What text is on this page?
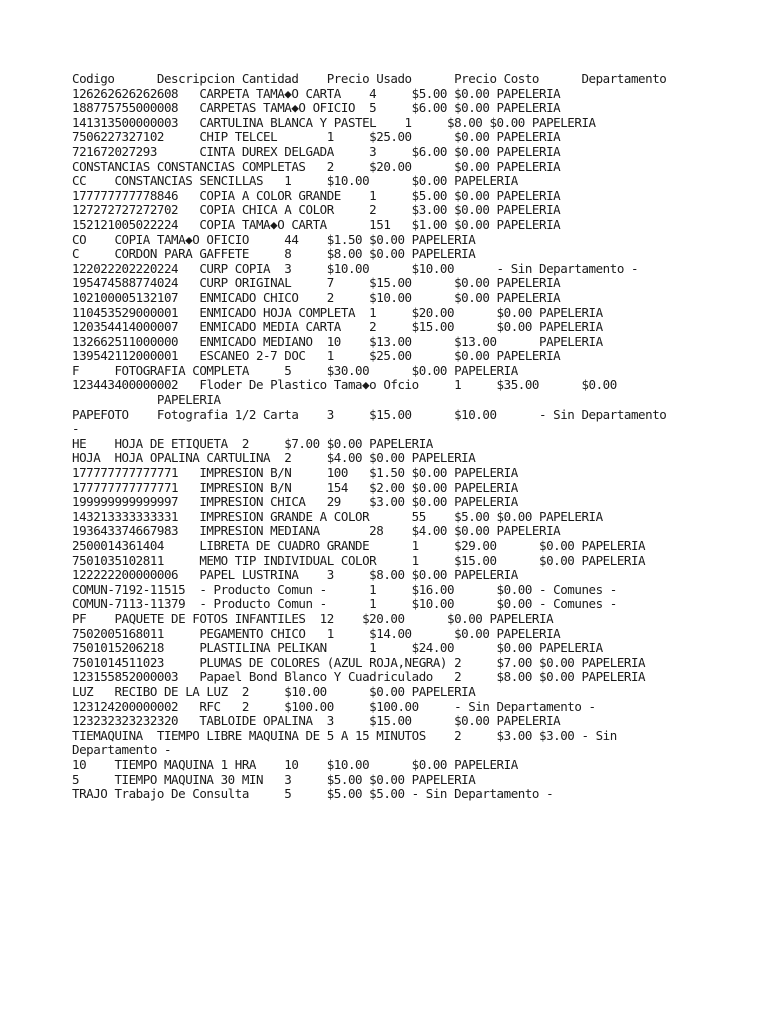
Codigo      Descripcion Cantidad    Precio Usado      Precio Costo      Departamento
126262626262608   CARPETA TAMA◆O CARTA    4     $5.00 $0.00 PAPELERIA
188775755000008   CARPETAS TAMA◆O OFICIO  5     $6.00 $0.00 PAPELERIA
141313500000003   CARTULINA BLANCA Y PASTEL    1     $8.00 $0.00 PAPELERIA
7506227327102     CHIP TELCEL       1     $25.00      $0.00 PAPELERIA
721672027293      CINTA DUREX DELGADA     3     $6.00 $0.00 PAPELERIA
CONSTANCIAS CONSTANCIAS COMPLETAS   2     $20.00      $0.00 PAPELERIA
CC    CONSTANCIAS SENCILLAS   1     $10.00      $0.00 PAPELERIA
177777777778846   COPIA A COLOR GRANDE    1     $5.00 $0.00 PAPELERIA
127272727272702   COPIA CHICA A COLOR     2     $3.00 $0.00 PAPELERIA
152121005022224   COPIA TAMA◆O CARTA      151   $1.00 $0.00 PAPELERIA
CO    COPIA TAMA◆O OFICIO     44    $1.50 $0.00 PAPELERIA
C     CORDON PARA GAFFETE     8     $8.00 $0.00 PAPELERIA
122022202220224   CURP COPIA  3     $10.00      $10.00      - Sin Departamento -
195474588774024   CURP ORIGINAL     7     $15.00      $0.00 PAPELERIA
102100005132107   ENMICADO CHICO    2     $10.00      $0.00 PAPELERIA
110453529000001   ENMICADO HOJA COMPLETA  1     $20.00      $0.00 PAPELERIA
120354414000007   ENMICADO MEDIA CARTA    2     $15.00      $0.00 PAPELERIA
132662511000000   ENMICADO MEDIANO  10    $13.00      $13.00      PAPELERIA
139542112000001   ESCANEO 2-7 DOC   1     $25.00      $0.00 PAPELERIA
F     FOTOGRAFIA COMPLETA     5     $30.00      $0.00 PAPELERIA
123443400000002   Floder De Plastico Tama◆o Ofcio     1     $35.00      $0.00
PAPELERIA
PAPEFOTO    Fotografia 1/2 Carta    3     $15.00      $10.00      - Sin Departamento
-
HE    HOJA DE ETIQUETA  2     $7.00 $0.00 PAPELERIA
HOJA  HOJA OPALINA CARTULINA  2     $4.00 $0.00 PAPELERIA
177777777777771   IMPRESION B/N     100   $1.50 $0.00 PAPELERIA
177777777777771   IMPRESION B/N     154   $2.00 $0.00 PAPELERIA
199999999999997   IMPRESION CHICA   29    $3.00 $0.00 PAPELERIA
143213333333331   IMPRESION GRANDE A COLOR      55    $5.00 $0.00 PAPELERIA
193643374667983   IMPRESION MEDIANA       28    $4.00 $0.00 PAPELERIA
2500014361404     LIBRETA DE CUADRO GRANDE      1     $29.00      $0.00 PAPELERIA
7501035102811     MEMO TIP INDIVIDUAL COLOR     1     $15.00      $0.00 PAPELERIA
122222200000006   PAPEL LUSTRINA    3     $8.00 $0.00 PAPELERIA
COMUN-7192-11515  - Producto Comun -      1     $16.00      $0.00 - Comunes -
COMUN-7113-11379  - Producto Comun -      1     $10.00      $0.00 - Comunes -
PF    PAQUETE DE FOTOS INFANTILES  12    $20.00      $0.00 PAPELERIA
7502005168011     PEGAMENTO CHICO   1     $14.00      $0.00 PAPELERIA
7501015206218     PLASTILINA PELIKAN      1     $24.00      $0.00 PAPELERIA
7501014511023     PLUMAS DE COLORES (AZUL ROJA,NEGRA) 2     $7.00 $0.00 PAPELERIA
123155852000003   Papael Bond Blanco Y Cuadriculado   2     $8.00 $0.00 PAPELERIA
LUZ   RECIBO DE LA LUZ  2     $10.00      $0.00 PAPELERIA
123124200000002   RFC   2     $100.00     $100.00     - Sin Departamento -
123232323232320   TABLOIDE OPALINA  3     $15.00      $0.00 PAPELERIA
TIEMAQUINA  TIEMPO LIBRE MAQUINA DE 5 A 15 MINUTOS    2     $3.00 $3.00 - Sin
Departamento -
10    TIEMPO MAQUINA 1 HRA    10    $10.00      $0.00 PAPELERIA
5     TIEMPO MAQUINA 30 MIN   3     $5.00 $0.00 PAPELERIA
TRAJO Trabajo De Consulta     5     $5.00 $5.00 - Sin Departamento -
